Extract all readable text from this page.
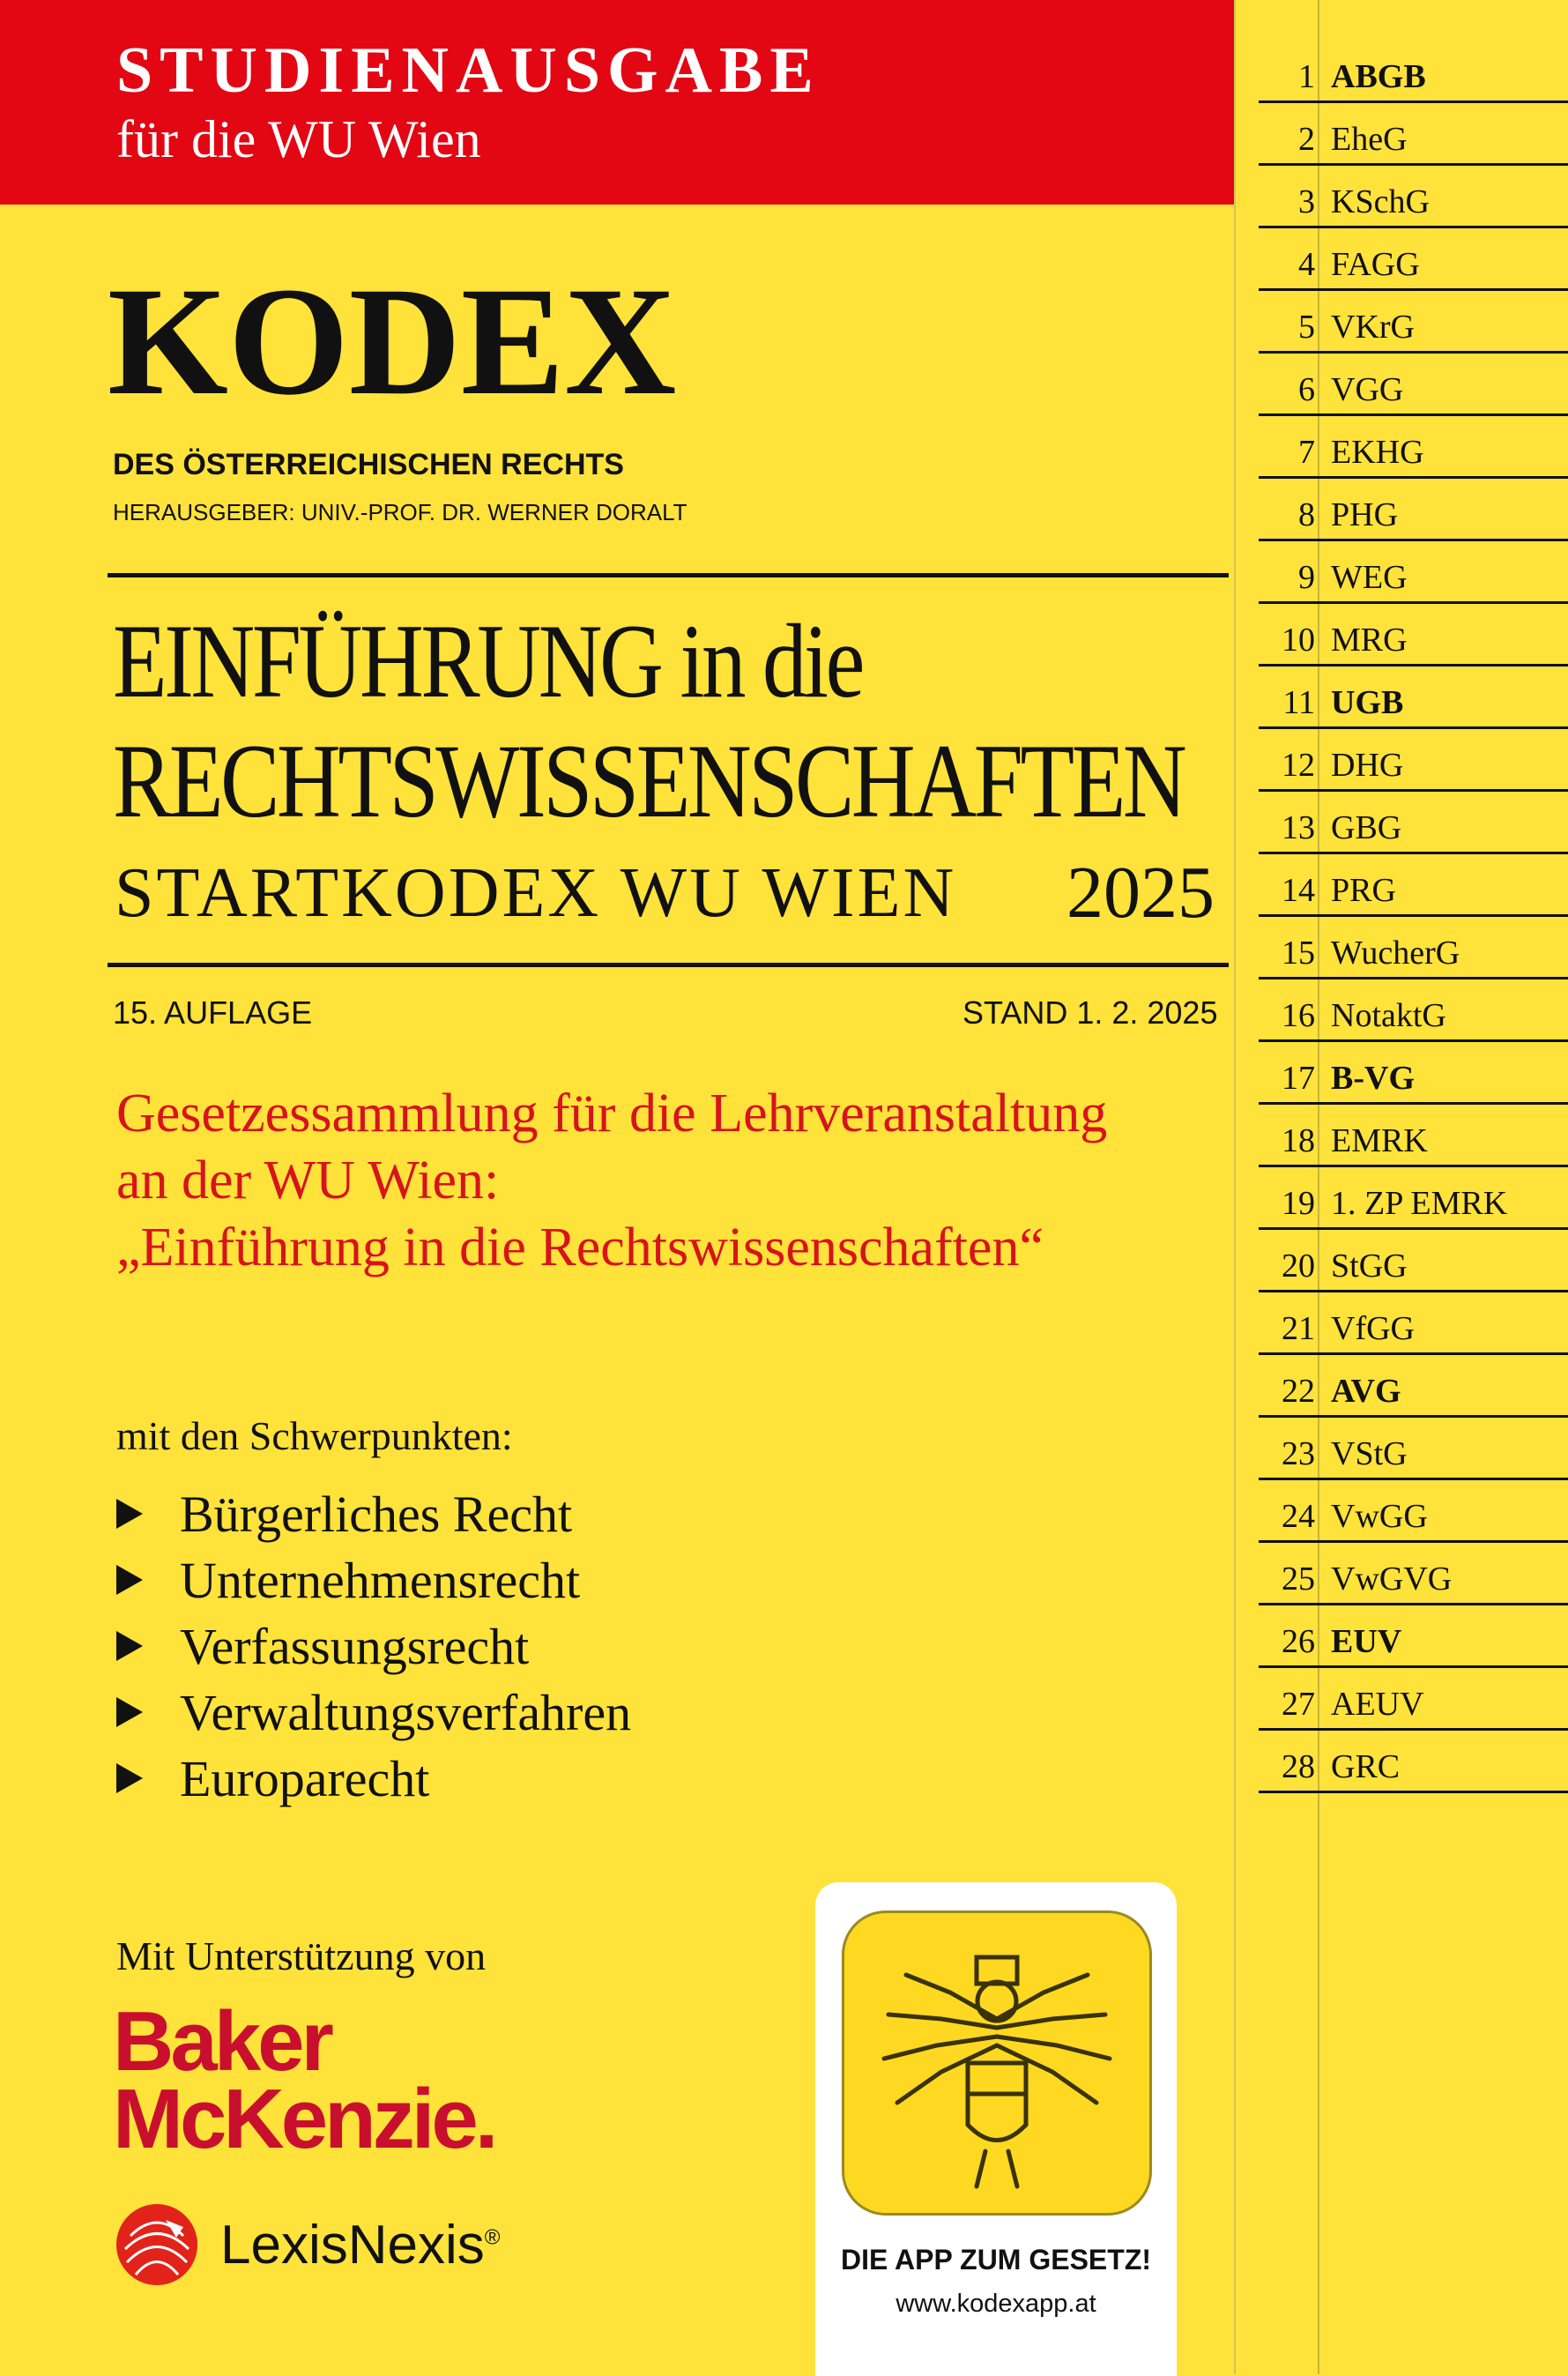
STUDIENAUSGABE
für die WU Wien
KODEX
DES ÖSTERREICHISCHEN RECHTS
HERAUSGEBER: UNIV.-PROF. DR. WERNER DORALT
EINFÜHRUNG in die
RECHTSWISSENSCHAFTEN
STARTKODEX WU WIEN 2025
15. AUFLAGE	STAND 1. 2. 2025
Gesetzessammlung für die Lehrveranstaltung
an der WU Wien:
„Einführung in die Rechtswissenschaften“
mit den Schwerpunkten:
Bürgerliches Recht
Unternehmensrecht
Verfassungsrecht
Verwaltungsverfahren
Europarecht
Mit Unterstützung von
Baker
McKenzie.
LexisNexis®
DIE APP ZUM GESETZ!
www.kodexapp.at
1 ABGB
2 EheG
3 KSchG
4 FAGG
5 VKrG
6 VGG
7 EKHG
8 PHG
9 WEG
10 MRG
11 UGB
12 DHG
13 GBG
14 PRG
15 WucherG
16 NotaktG
17 B-VG
18 EMRK
19 1. ZP EMRK
20 StGG
21 VfGG
22 AVG
23 VStG
24 VwGG
25 VwGVG
26 EUV
27 AEUV
28 GRC
